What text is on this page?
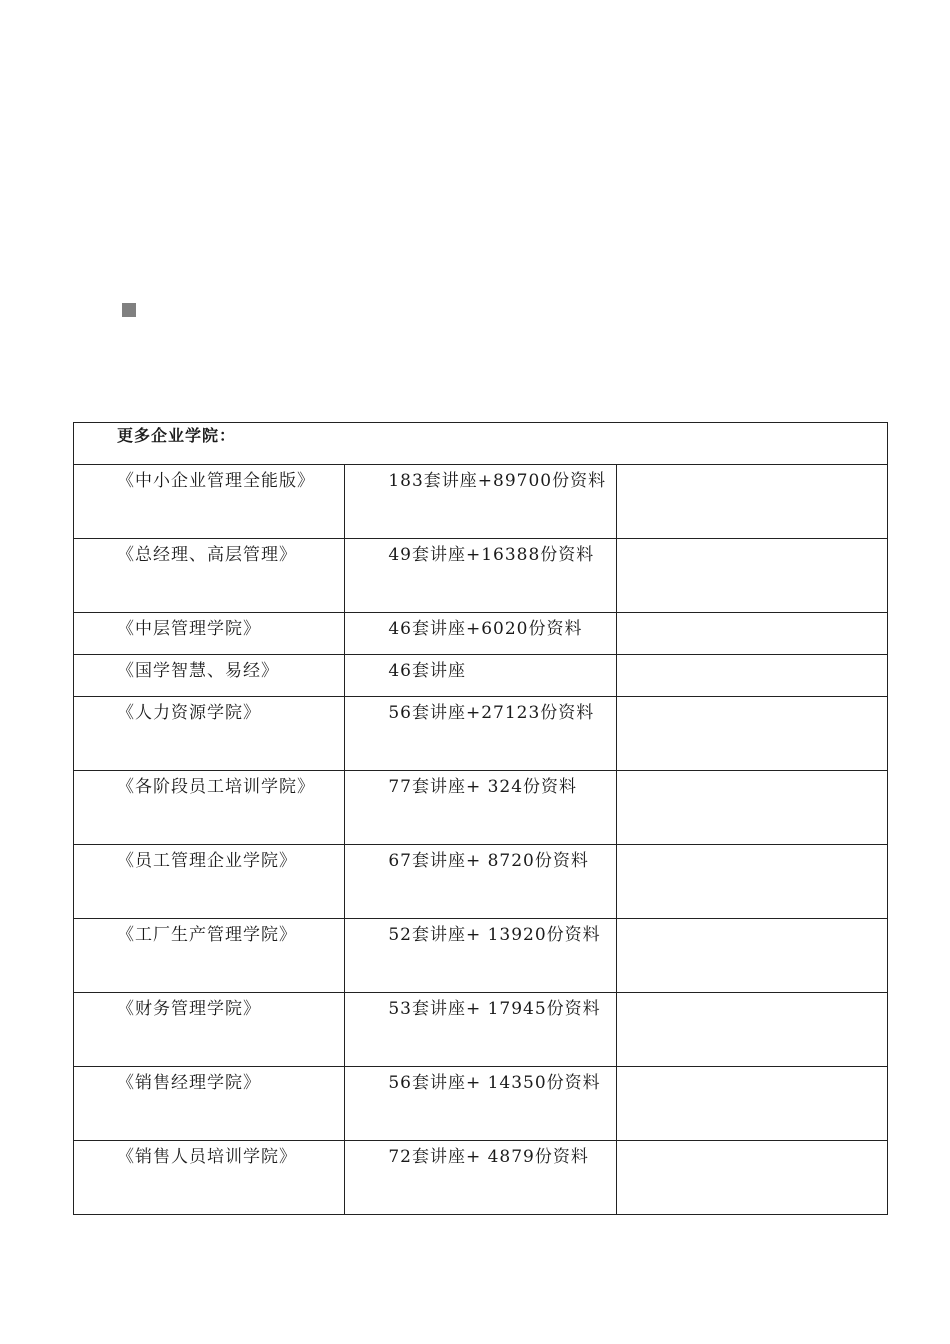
更多企业学院：		
《中小企业管理全能版》	183套讲座+89700份资料	
《总经理、高层管理》	49套讲座+16388份资料	
《中层管理学院》	46套讲座+6020份资料	
《国学智慧、易经》	46套讲座	
《人力资源学院》	56套讲座+27123份资料	
《各阶段员工培训学院》	77套讲座+ 324份资料	
《员工管理企业学院》	67套讲座+ 8720份资料	
《工厂生产管理学院》	52套讲座+ 13920份资料	
《财务管理学院》	53套讲座+ 17945份资料	
《销售经理学院》	56套讲座+ 14350份资料	
《销售人员培训学院》	72套讲座+ 4879份资料	
